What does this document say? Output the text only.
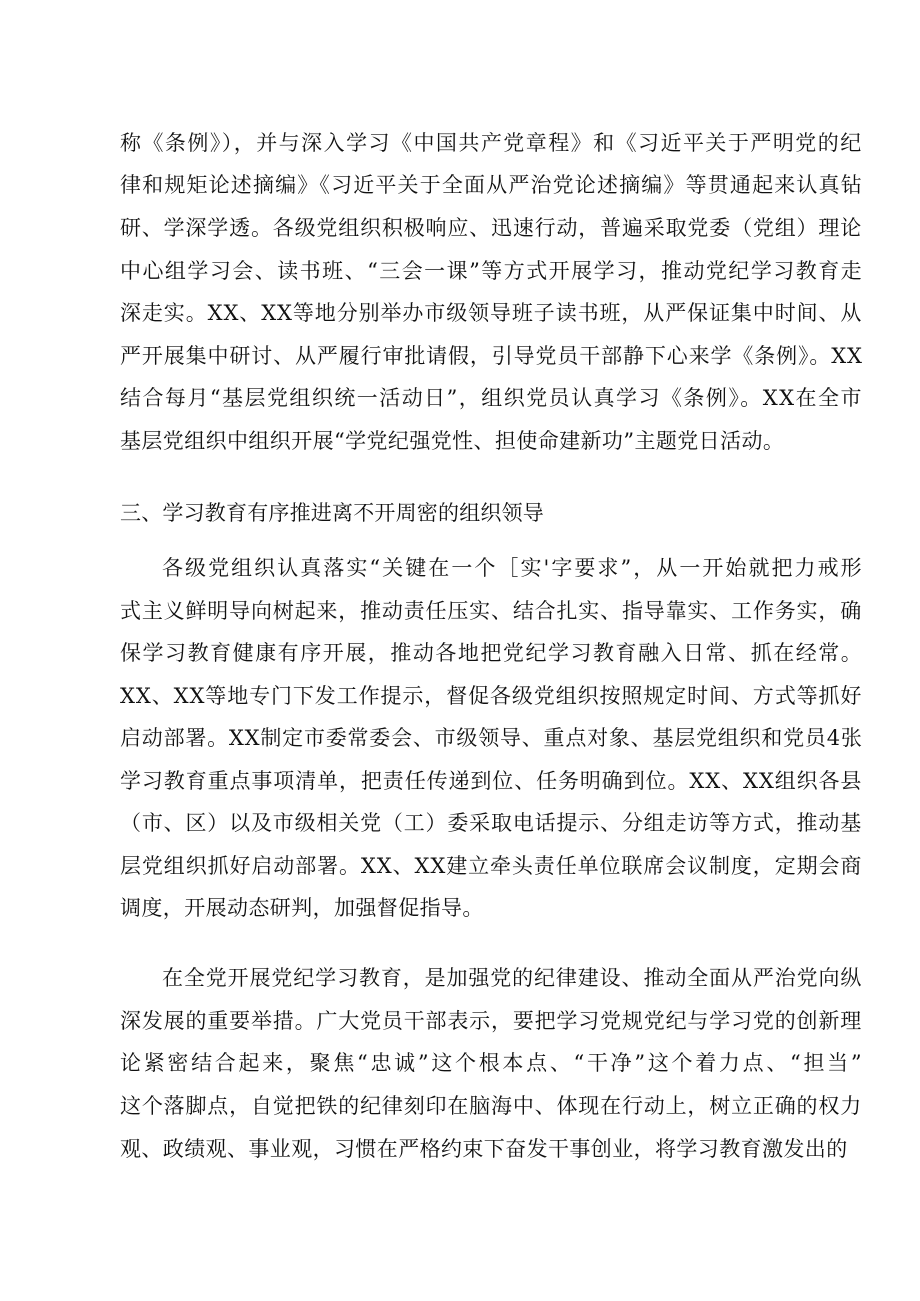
称《条例》），并与深入学习《中国共产党章程》和《习近平关于严明党的纪
律和规矩论述摘编》《习近平关于全面从严治党论述摘编》等贯通起来认真钻
研、学深学透。各级党组织积极响应、迅速行动，普遍采取党委（党组）理论
中心组学习会、读书班、“三会一课”等方式开展学习，推动党纪学习教育走
深走实。XX、XX等地分别举办市级领导班子读书班，从严保证集中时间、从
严开展集中研讨、从严履行审批请假，引导党员干部静下心来学《条例》。XX
结合每月“基层党组织统一活动日”，组织党员认真学习《条例》。XX在全市
基层党组织中组织开展“学党纪强党性、担使命建新功”主题党日活动。
三、学习教育有序推进离不开周密的组织领导
各级党组织认真落实“关键在一个［实'字要求”，从一开始就把力戒形
式主义鲜明导向树起来，推动责任压实、结合扎实、指导靠实、工作务实，确
保学习教育健康有序开展，推动各地把党纪学习教育融入日常、抓在经常。
XX、XX等地专门下发工作提示，督促各级党组织按照规定时间、方式等抓好
启动部署。XX制定市委常委会、市级领导、重点对象、基层党组织和党员4张
学习教育重点事项清单，把责任传递到位、任务明确到位。XX、XX组织各县
（市、区）以及市级相关党（工）委采取电话提示、分组走访等方式，推动基
层党组织抓好启动部署。XX、XX建立牵头责任单位联席会议制度，定期会商
调度，开展动态研判，加强督促指导。
在全党开展党纪学习教育，是加强党的纪律建设、推动全面从严治党向纵
深发展的重要举措。广大党员干部表示，要把学习党规党纪与学习党的创新理
论紧密结合起来，聚焦“忠诚”这个根本点、“干净”这个着力点、“担当”
这个落脚点，自觉把铁的纪律刻印在脑海中、体现在行动上，树立正确的权力
观、政绩观、事业观，习惯在严格约束下奋发干事创业，将学习教育激发出的
